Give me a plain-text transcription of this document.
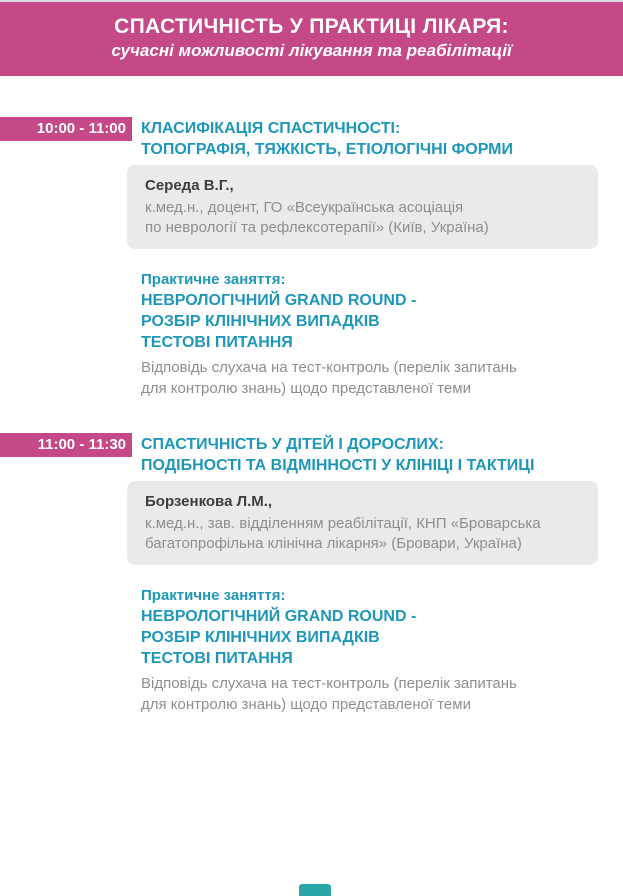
СПАСТИЧНІСТЬ У ПРАКТИЦІ ЛІКАРЯ:
сучасні можливості лікування та реабілітації
10:00 - 11:00 КЛАСИФІКАЦІЯ СПАСТИЧНОСТІ:
ТОПОГРАФІЯ, ТЯЖКІСТЬ, ЕТІОЛОГІЧНІ ФОРМИ
Середа В.Г.,
к.мед.н., доцент, ГО «Всеукраїнська асоціація
по неврології та рефлексотерапії» (Київ, Україна)
Практичне заняття:
НЕВРОЛОГІЧНИЙ GRAND ROUND -
РОЗБІР КЛІНІЧНИХ ВИПАДКІВ
ТЕСТОВІ ПИТАННЯ
Відповідь слухача на тест-контроль (перелік запитань
для контролю знань) щодо представленої теми
11:00 - 11:30 СПАСТИЧНІСТЬ У ДІТЕЙ І ДОРОСЛИХ:
ПОДІБНОСТІ ТА ВІДМІННОСТІ У КЛІНІЦІ І ТАКТИЦІ
Борзенкова Л.М.,
к.мед.н., зав. відділенням реабілітації, КНП «Броварська
багатопрофільна клінічна лікарня» (Бровари, Україна)
Практичне заняття:
НЕВРОЛОГІЧНИЙ GRAND ROUND -
РОЗБІР КЛІНІЧНИХ ВИПАДКІВ
ТЕСТОВІ ПИТАННЯ
Відповідь слухача на тест-контроль (перелік запитань
для контролю знань) щодо представленої теми
